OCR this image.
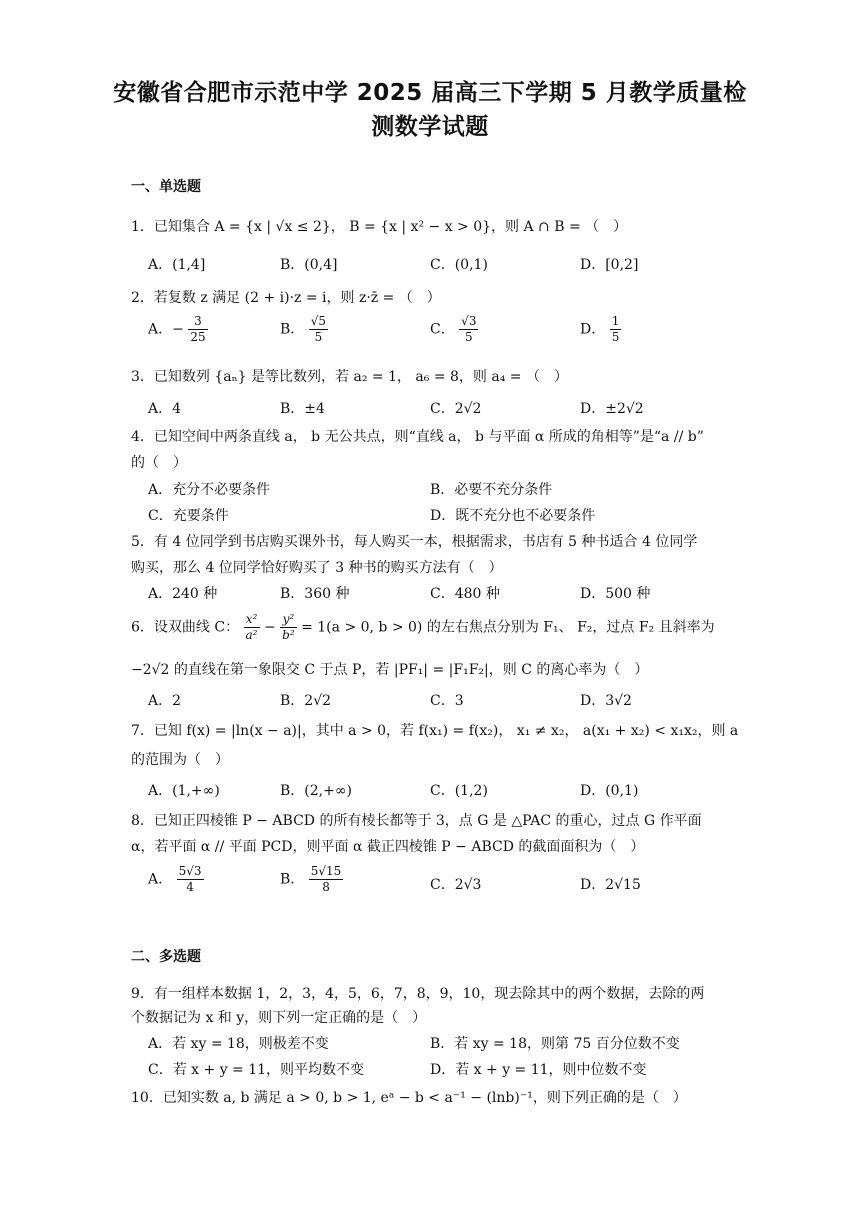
安徽省合肥市示范中学 2025 届高三下学期 5 月教学质量检
测数学试题
一、单选题
1．已知集合 A = {x | √x ≤ 2}， B = {x | x² − x > 0}，则 A ∩ B = （　）
A．(1,4]	B．(0,4]	C．(0,1)	D．[0,2]
2．若复数 z 满足 (2 + i)·z = i，则 z·z̄ = （　）
A．− $\frac{3}{25}$	B． $\frac{√5}{5}$	C． $\frac{√3}{5}$	D． $\frac{1}{5}$
3．已知数列 {aₙ} 是等比数列，若 a₂ = 1， a₆ = 8，则 a₄ = （　）
A．4	B．±4	C．2√2	D．±2√2
4．已知空间中两条直线 a， b 无公共点，则“直线 a， b 与平面 α 所成的角相等”是“a // b”
的（　）
A．充分不必要条件	B．必要不充分条件
C．充要条件	D．既不充分也不必要条件
5．有 4 位同学到书店购买课外书，每人购买一本，根据需求，书店有 5 种书适合 4 位同学
购买，那么 4 位同学恰好购买了 3 种书的购买方法有（　）
A．240 种	B．360 种	C．480 种	D．500 种
6．设双曲线 C： $\frac{\text{x²}}{\text{a²}} - \frac{\text{y²}}{\text{b²}} = 1(a > 0$, b > 0) 的左右焦点分别为 F₁、 F₂，过点 F₂ 且斜率为
−2√2 的直线在第一象限交 C 于点 P，若 |PF₁| = |F₁F₂|，则 C 的离心率为（　）
A．2	B．2√2	C．3	D．3√2
7．已知 f(x) = |ln(x − a)|，其中 a > 0，若 f(x₁) = f(x₂)， x₁ ≠ x₂， a(x₁ + x₂) < x₁x₂，则 a
的范围为（　）
A．(1,+∞)	B．(2,+∞)	C．(1,2)	D．(0,1)
8．已知正四棱锥 P − ABCD 的所有棱长都等于 3，点 G 是 △PAC 的重心，过点 G 作平面
α，若平面 α // 平面 PCD，则平面 α 截正四棱锥 P − ABCD 的截面面积为（　）
A． $\frac{5√3}{4}$	B． $\frac{5√15}{8}$	C．2√3	D．2√15
二、多选题
9．有一组样本数据 1，2，3，4，5，6，7，8，9，10，现去除其中的两个数据，去除的两
个数据记为 x 和 y，则下列一定正确的是（　）
A．若 xy = 18，则极差不变	B．若 xy = 18，则第 75 百分位数不变
C．若 x + y = 11，则平均数不变	D．若 x + y = 11，则中位数不变
10．已知实数 a, b 满足 a > 0, b > 1, eᵃ − b < a⁻¹ − (lnb)⁻¹，则下列正确的是（　）
